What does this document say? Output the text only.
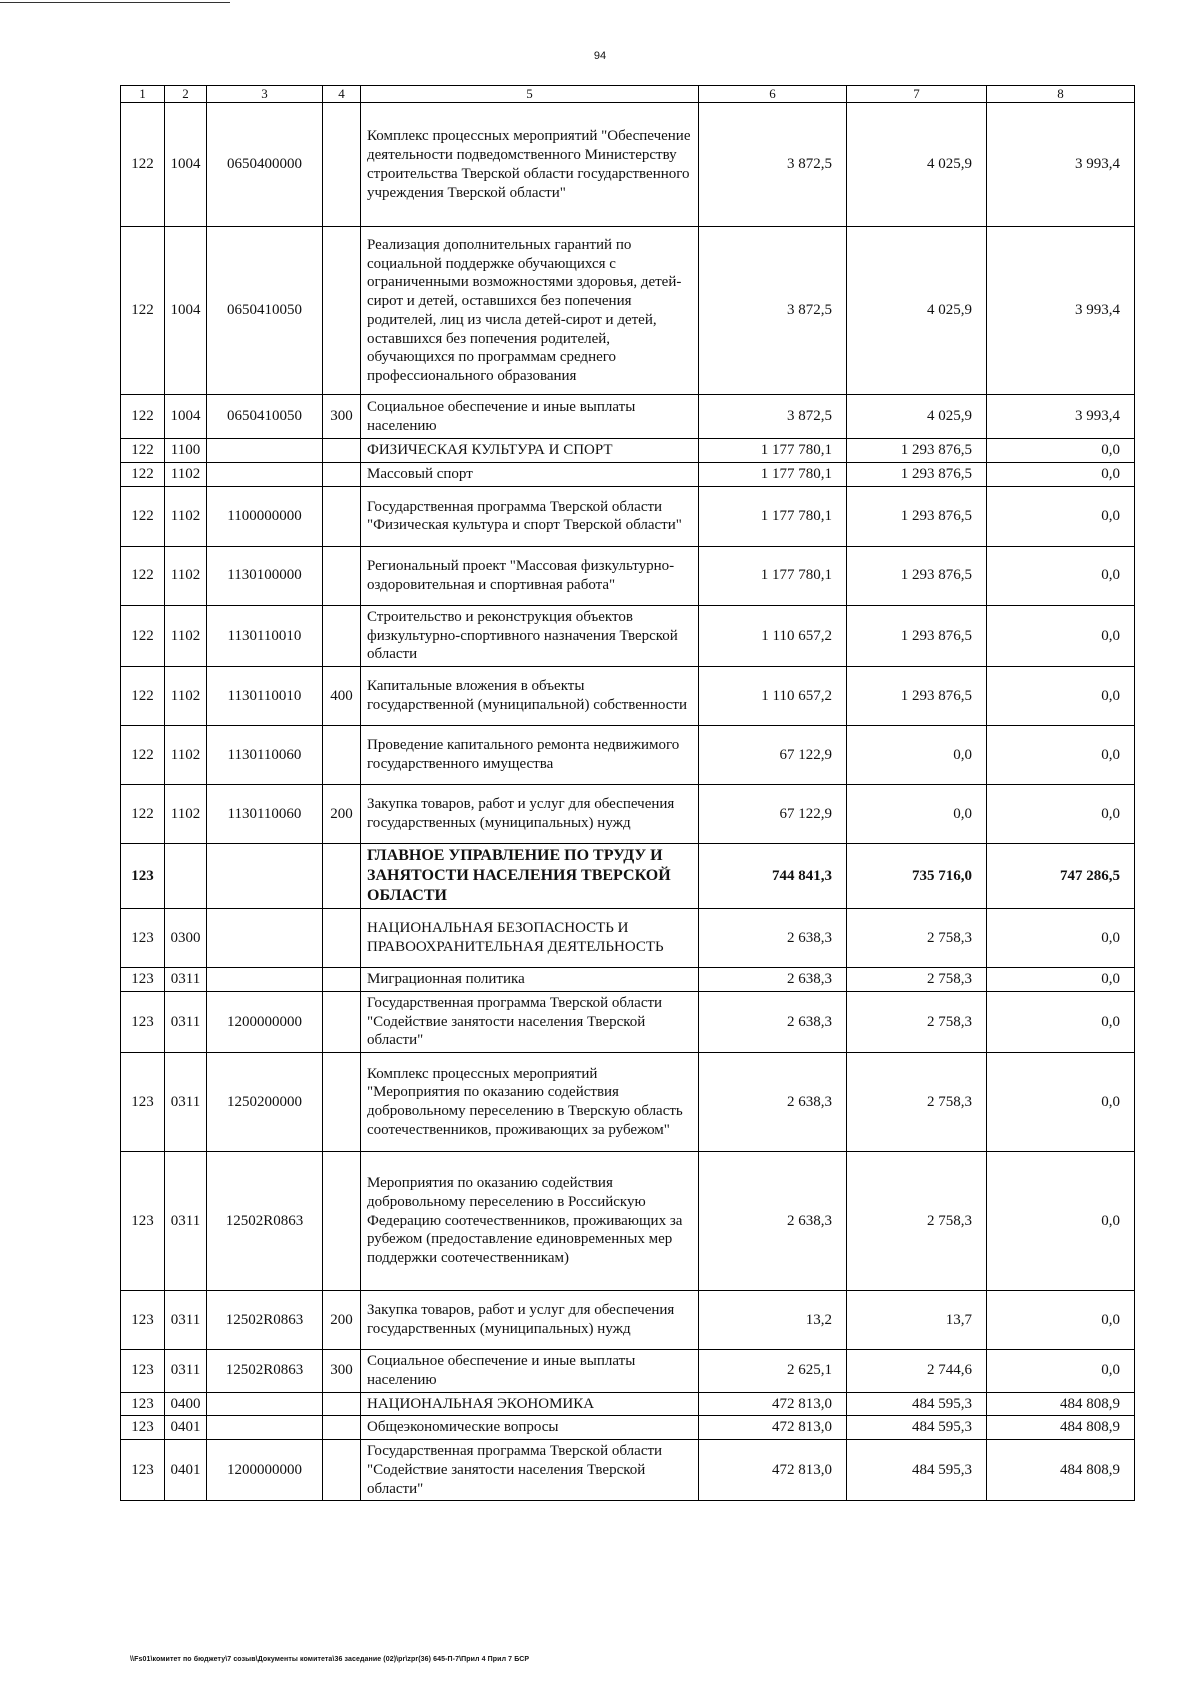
94
1	2	3	4	5	6	7	8
122	1004	0650400000		Комплекс процессных мероприятий "Обеспечение деятельности подведомственного Министерству строительства Тверской области государственного учреждения Тверской области"	3 872,5	4 025,9	3 993,4
122	1004	0650410050		Реализация дополнительных гарантий по социальной поддержке обучающихся с ограниченными возможностями здоровья, детей-сирот и детей, оставшихся без попечения родителей, лиц из числа детей-сирот и детей, оставшихся без попечения родителей, обучающихся по программам среднего профессионального образования	3 872,5	4 025,9	3 993,4
122	1004	0650410050	300	Социальное обеспечение и иные выплаты населению	3 872,5	4 025,9	3 993,4
122	1100			ФИЗИЧЕСКАЯ КУЛЬТУРА И СПОРТ	1 177 780,1	1 293 876,5	0,0
122	1102			Массовый спорт	1 177 780,1	1 293 876,5	0,0
122	1102	1100000000		Государственная программа Тверской области "Физическая культура и спорт Тверской области"	1 177 780,1	1 293 876,5	0,0
122	1102	1130100000		Региональный проект "Массовая физкультурно-оздоровительная и спортивная работа"	1 177 780,1	1 293 876,5	0,0
122	1102	1130110010		Строительство и реконструкция объектов физкультурно-спортивного назначения Тверской области	1 110 657,2	1 293 876,5	0,0
122	1102	1130110010	400	Капитальные вложения в объекты государственной (муниципальной) собственности	1 110 657,2	1 293 876,5	0,0
122	1102	1130110060		Проведение капитального ремонта недвижимого государственного имущества	67 122,9	0,0	0,0
122	1102	1130110060	200	Закупка товаров, работ и услуг для обеспечения государственных (муниципальных) нужд	67 122,9	0,0	0,0
123				ГЛАВНОЕ УПРАВЛЕНИЕ ПО ТРУДУ И ЗАНЯТОСТИ НАСЕЛЕНИЯ ТВЕРСКОЙ ОБЛАСТИ	744 841,3	735 716,0	747 286,5
123	0300			НАЦИОНАЛЬНАЯ БЕЗОПАСНОСТЬ И ПРАВООХРАНИТЕЛЬНАЯ ДЕЯТЕЛЬНОСТЬ	2 638,3	2 758,3	0,0
123	0311			Миграционная политика	2 638,3	2 758,3	0,0
123	0311	1200000000		Государственная программа Тверской области "Содействие занятости населения Тверской области"	2 638,3	2 758,3	0,0
123	0311	1250200000		Комплекс процессных мероприятий "Мероприятия по оказанию содействия добровольному переселению в Тверскую область соотечественников, проживающих за рубежом"	2 638,3	2 758,3	0,0
123	0311	12502R0863		Мероприятия по оказанию содействия добровольному переселению в Российскую Федерацию соотечественников, проживающих за рубежом (предоставление единовременных мер поддержки соотечественникам)	2 638,3	2 758,3	0,0
123	0311	12502R0863	200	Закупка товаров, работ и услуг для обеспечения государственных (муниципальных) нужд	13,2	13,7	0,0
123	0311	12502R0863	300	Социальное обеспечение и иные выплаты населению	2 625,1	2 744,6	0,0
123	0400			НАЦИОНАЛЬНАЯ ЭКОНОМИКА	472 813,0	484 595,3	484 808,9
123	0401			Общеэкономические вопросы	472 813,0	484 595,3	484 808,9
123	0401	1200000000		Государственная программа Тверской области "Содействие занятости населения Тверской области"	472 813,0	484 595,3	484 808,9
\\Fs01\комитет по бюджету\7 созыв\Документы комитета\36 заседание (02)\pr\zpr(36) 645-П-7\Прил 4 Прил 7 БСР
